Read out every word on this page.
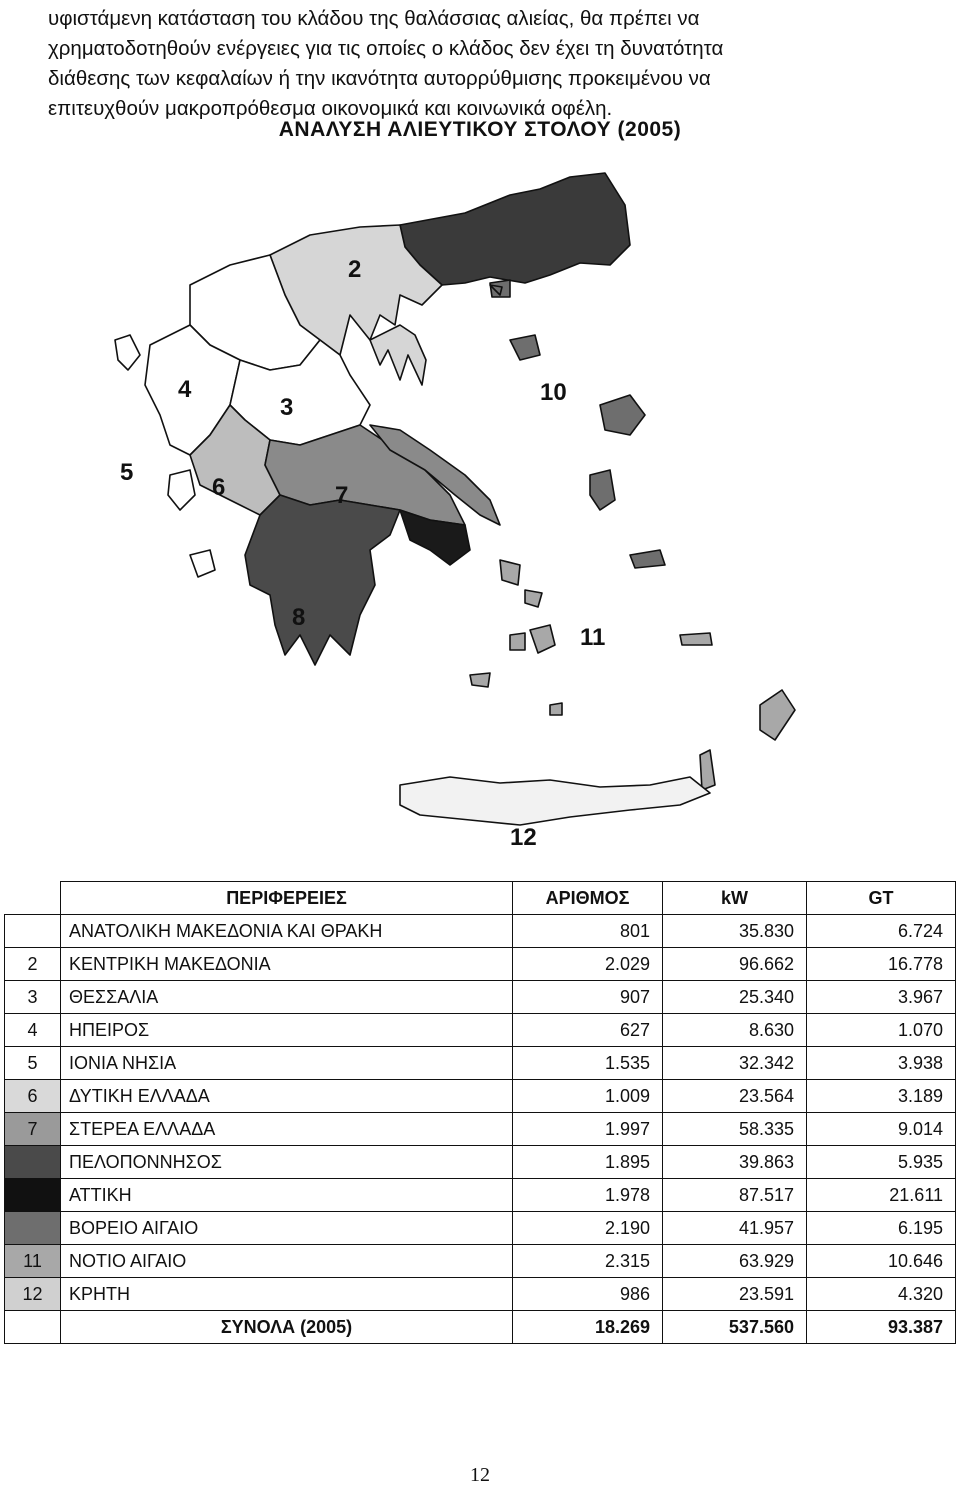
υφιστάμενη κατάσταση του κλάδου της θαλάσσιας αλιείας, θα πρέπει να

χρηματοδοτηθούν ενέργειες για τις οποίες ο κλάδος δεν έχει τη δυνατότητα

διάθεσης των κεφαλαίων ή την ικανότητα αυτορρύθμισης προκειμένου να

επιτευχθούν μακροπρόθεσμα οικονομικά και κοινωνικά οφέλη.

ΑΝΑΛΥΣΗ ΑΛΙΕΥΤΙΚΟΥ ΣΤΟΛΟΥ (2005)
2
3
4
5
6	7
8
10
11
12
	ΠΕΡΙΦΕΡΕΙΕΣ	ΑΡΙΘΜΟΣ	kW	GT
	ΑΝΑΤΟΛΙΚΗ ΜΑΚΕΔΟΝΙΑ ΚΑΙ ΘΡΑΚΗ	801	35.830	6.724
2	ΚΕΝΤΡΙΚΗ ΜΑΚΕΔΟΝΙΑ	2.029	96.662	16.778
3	ΘΕΣΣΑΛΙΑ	907	25.340	3.967
4	ΗΠΕΙΡΟΣ	627	8.630	1.070
5	ΙΟΝΙΑ ΝΗΣΙΑ	1.535	32.342	3.938
6	ΔΥΤΙΚΗ ΕΛΛΑΔΑ	1.009	23.564	3.189
7	ΣΤΕΡΕΑ ΕΛΛΑΔΑ	1.997	58.335	9.014
	ΠΕΛΟΠΟΝΝΗΣΟΣ	1.895	39.863	5.935
	ΑΤΤΙΚΗ	1.978	87.517	21.611
	ΒΟΡΕΙΟ ΑΙΓΑΙΟ	2.190	41.957	6.195
11	ΝΟΤΙΟ ΑΙΓΑΙΟ	2.315	63.929	10.646
12	ΚΡΗΤΗ	986	23.591	4.320
	ΣΥΝΟΛΑ (2005)	18.269	537.560	93.387
12
